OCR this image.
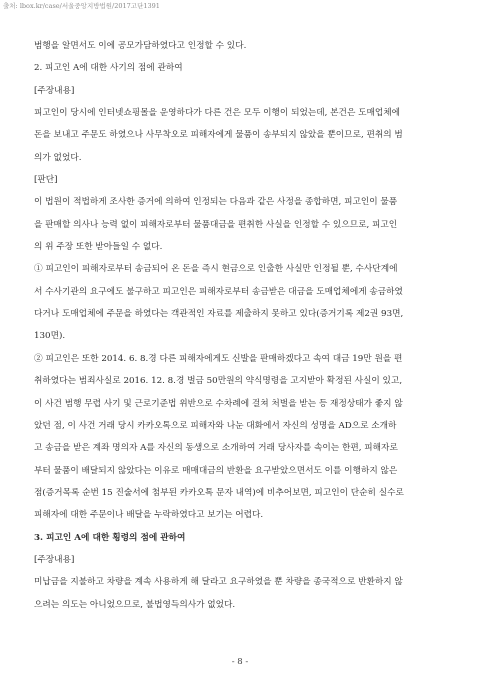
출처: lbox.kr/case/서울중앙지방법원/2017고단1391
범행을 알면서도 이에 공모가담하였다고 인정할 수 있다.
2. 피고인 A에 대한 사기의 점에 관하여
[주장내용]
피고인이 당시에 인터넷쇼핑몰을 운영하다가 다른 건은 모두 이행이 되었는데, 본건은 도매업체에
돈을 보내고 주문도 하였으나 사무착오로 피해자에게 물품이 송부되지 않았을 뿐이므로, 편취의 범
의가 없었다.
[판단]
이 법원이 적법하게 조사한 증거에 의하여 인정되는 다음과 같은 사정을 종합하면, 피고인이 물품
을 판매할 의사나 능력 없이 피해자로부터 물품대금을 편취한 사실을 인정할 수 있으므로, 피고인
의 위 주장 또한 받아들일 수 없다.
① 피고인이 피해자로부터 송금되어 온 돈을 즉시 현금으로 인출한 사실만 인정될 뿐, 수사단계에
서 수사기관의 요구에도 불구하고 피고인은 피해자로부터 송금받은 대금을 도매업체에게 송금하였
다거나 도매업체에 주문을 하였다는 객관적인 자료를 제출하지 못하고 있다(증거기록 제2권 93면,
130면).
② 피고인은 또한 2014. 6. 8.경 다른 피해자에게도 신발을 판매하겠다고 속여 대금 19만 원을 편
취하였다는 범죄사실로 2016. 12. 8.경 벌금 50만원의 약식명령을 고지받아 확정된 사실이 있고,
이 사건 범행 무렵 사기 및 근로기준법 위반으로 수차례에 걸쳐 처벌을 받는 등 재정상태가 좋지 않
았던 점, 이 사건 거래 당시 카카오톡으로 피해자와 나눈 대화에서 자신의 성명을 AD으로 소개하
고 송금을 받은 계좌 명의자 A를 자신의 동생으로 소개하여 거래 당사자를 속이는 한편, 피해자로
부터 물품이 배달되지 않았다는 이유로 매매대금의 반환을 요구받았으면서도 이를 이행하지 않은
점(증거목록 순번 15 진술서에 첨부된 카카오톡 문자 내역)에 비추어보면, 피고인이 단순히 실수로
피해자에 대한 주문이나 배달을 누락하였다고 보기는 어렵다.
3. 피고인 A에 대한 횡령의 점에 관하여
[주장내용]
미납금을 지불하고 차량을 계속 사용하게 해 달라고 요구하였을 뿐 차량을 종국적으로 반환하지 않
으려는 의도는 아니었으므로, 불법영득의사가 없었다.
- 8 -
